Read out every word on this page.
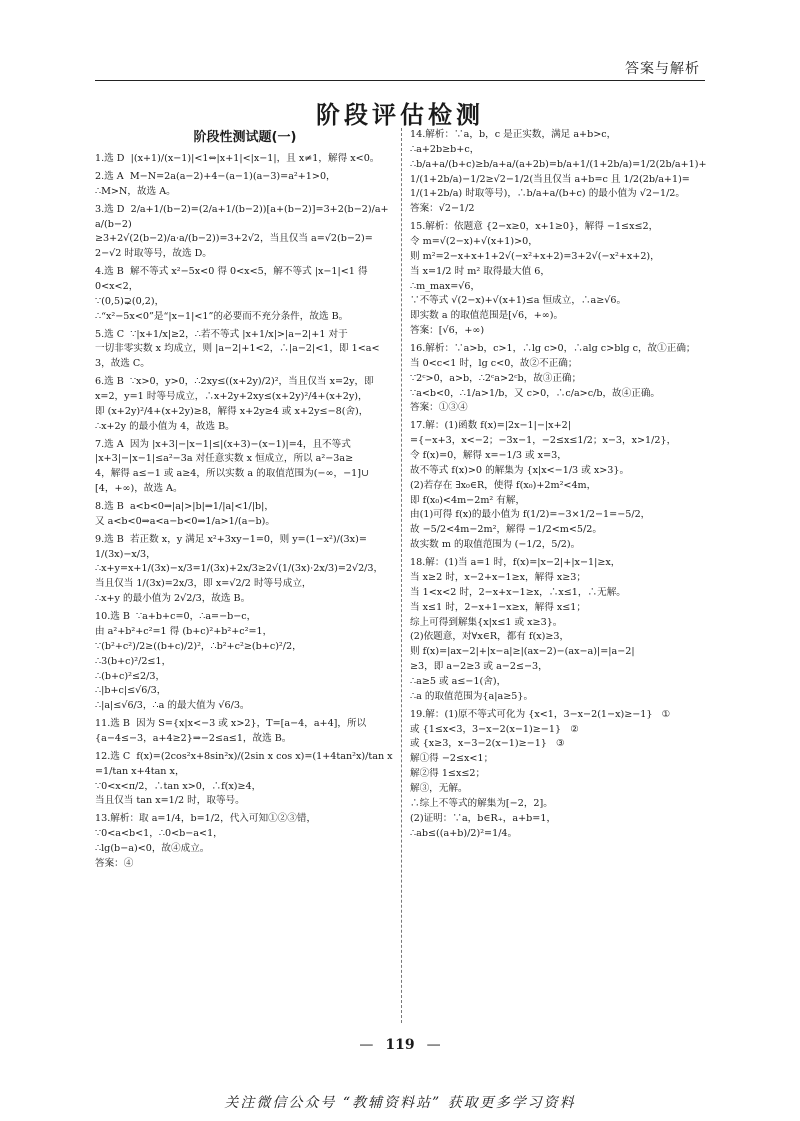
答案与解析
阶段评估检测
阶段性测试题(一)
1.选 D  |(x+1)/(x−1)|<1⇔|x+1|<|x−1|，且 x≠1，解得 x<0。
2.选 A  M−N=2a(a−2)+4−(a−1)(a−3)=a²+1>0，
∴M>N，故选 A。
3.选 D  2/a+1/(b−2)=(2/a+1/(b−2))[a+(b−2)]=3+2(b−2)/a+a/(b−2)
≥3+2√(2(b−2)/a·a/(b−2))=3+2√2，当且仅当 a=√2(b−2)=
2−√2 时取等号，故选 D。
4.选 B  解不等式 x²−5x<0 得 0<x<5，解不等式 |x−1|<1 得
0<x<2，
∵(0,5)⊋(0,2)，
∴“x²−5x<0”是“|x−1|<1”的必要而不充分条件，故选 B。
5.选 C  ∵|x+1/x|≥2，∴若不等式 |x+1/x|>|a−2|+1 对于
一切非零实数 x 均成立，则 |a−2|+1<2，∴|a−2|<1，即 1<a<
3，故选 C。
6.选 B  ∵x>0，y>0，∴2xy≤((x+2y)/2)²，当且仅当 x=2y，即
x=2，y=1 时等号成立，∴x+2y+2xy≤(x+2y)²/4+(x+2y)，
即 (x+2y)²/4+(x+2y)≥8，解得 x+2y≥4 或 x+2y≤−8(舍)，
∴x+2y 的最小值为 4，故选 B。
7.选 A  因为 |x+3|−|x−1|≤|(x+3)−(x−1)|=4，且不等式
|x+3|−|x−1|≤a²−3a 对任意实数 x 恒成立，所以 a²−3a≥
4，解得 a≤−1 或 a≥4，所以实数 a 的取值范围为(−∞，−1]∪
[4，+∞)，故选 A。
8.选 B  a<b<0⇒|a|>|b|⇒1/|a|<1/|b|，
又 a<b<0⇒a<a−b<0⇒1/a>1/(a−b)。
9.选 B  若正数 x，y 满足 x²+3xy−1=0，则 y=(1−x²)/(3x)=
1/(3x)−x/3，
∴x+y=x+1/(3x)−x/3=1/(3x)+2x/3≥2√(1/(3x)·2x/3)=2√2/3，
当且仅当 1/(3x)=2x/3，即 x=√2/2 时等号成立，
∴x+y 的最小值为 2√2/3，故选 B。
10.选 B  ∵a+b+c=0，∴a=−b−c，
由 a²+b²+c²=1 得 (b+c)²+b²+c²=1，
∵(b²+c²)/2≥((b+c)/2)²，∴b²+c²≥(b+c)²/2，
∴3(b+c)²/2≤1，
∴(b+c)²≤2/3，
∴|b+c|≤√6/3，
∴|a|≤√6/3，∴a 的最大值为 √6/3。
11.选 B  因为 S={x|x<−3 或 x>2}，T=[a−4，a+4]，所以
{a−4≤−3，a+4≥2}⇒−2≤a≤1，故选 B。
12.选 C  f(x)=(2cos²x+8sin²x)/(2sin x cos x)=(1+4tan²x)/tan x=1/tan x+4tan x，
∵0<x<π/2，∴tan x>0，∴f(x)≥4，
当且仅当 tan x=1/2 时，取等号。
13.解析：取 a=1/4，b=1/2，代入可知①②③错，
∵0<a<b<1，∴0<b−a<1，
∴lg(b−a)<0，故④成立。
答案：④
14.解析：∵a，b，c 是正实数，满足 a+b>c，
∴a+2b≥b+c，
∴b/a+a/(b+c)≥b/a+a/(a+2b)=b/a+1/(1+2b/a)=1/2(2b/a+1)+
1/(1+2b/a)−1/2≥√2−1/2(当且仅当 a+b=c 且 1/2(2b/a+1)=
1/(1+2b/a) 时取等号)，∴b/a+a/(b+c) 的最小值为 √2−1/2。
答案：√2−1/2
15.解析：依题意 {2−x≥0，x+1≥0}，解得 −1≤x≤2，
令 m=√(2−x)+√(x+1)>0，
则 m²=2−x+x+1+2√(−x²+x+2)=3+2√(−x²+x+2)，
当 x=1/2 时 m² 取得最大值 6，
∴m_max=√6，
∵不等式 √(2−x)+√(x+1)≤a 恒成立，∴a≥√6。
即实数 a 的取值范围是[√6，+∞)。
答案：[√6，+∞)
16.解析：∵a>b，c>1，∴lg c>0，∴alg c>blg c，故①正确；
当 0<c<1 时，lg c<0，故②不正确；
∵2ᶜ>0，a>b，∴2ᶜa>2ᶜb，故③正确；
∵a<b<0，∴1/a>1/b，又 c>0，∴c/a>c/b，故④正确。
答案：①③④
17.解：(1)函数 f(x)=|2x−1|−|x+2|
={−x+3，x<−2；−3x−1，−2≤x≤1/2；x−3，x>1/2}，
令 f(x)=0，解得 x=−1/3 或 x=3，
故不等式 f(x)>0 的解集为 {x|x<−1/3 或 x>3}。
(2)若存在 ∃x₀∈R，使得 f(x₀)+2m²<4m，
即 f(x₀)<4m−2m² 有解，
由(1)可得 f(x)的最小值为 f(1/2)=−3×1/2−1=−5/2，
故 −5/2<4m−2m²，解得 −1/2<m<5/2。
故实数 m 的取值范围为 (−1/2，5/2)。
18.解：(1)当 a=1 时，f(x)=|x−2|+|x−1|≥x，
当 x≥2 时，x−2+x−1≥x，解得 x≥3；
当 1<x<2 时，2−x+x−1≥x，∴x≤1，∴无解。
当 x≤1 时，2−x+1−x≥x，解得 x≤1；
综上可得到解集{x|x≤1 或 x≥3}。
(2)依题意，对∀x∈R，都有 f(x)≥3，
则 f(x)=|ax−2|+|x−a|≥|(ax−2)−(ax−a)|=|a−2|
≥3，即 a−2≥3 或 a−2≤−3，
∴a≥5 或 a≤−1(舍)，
∴a 的取值范围为{a|a≥5}。
19.解：(1)原不等式可化为 {x<1，3−x−2(1−x)≥−1}   ①
或 {1≤x<3，3−x−2(x−1)≥−1}   ②
或 {x≥3，x−3−2(x−1)≥−1}   ③
解①得 −2≤x<1；
解②得 1≤x≤2；
解③，无解。
∴综上不等式的解集为[−2，2]。
(2)证明：∵a，b∈R₊，a+b=1，
∴ab≤((a+b)/2)²=1/4。
— 119 —
关注微信公众号 “教辅资料站” 获取更多学习资料
